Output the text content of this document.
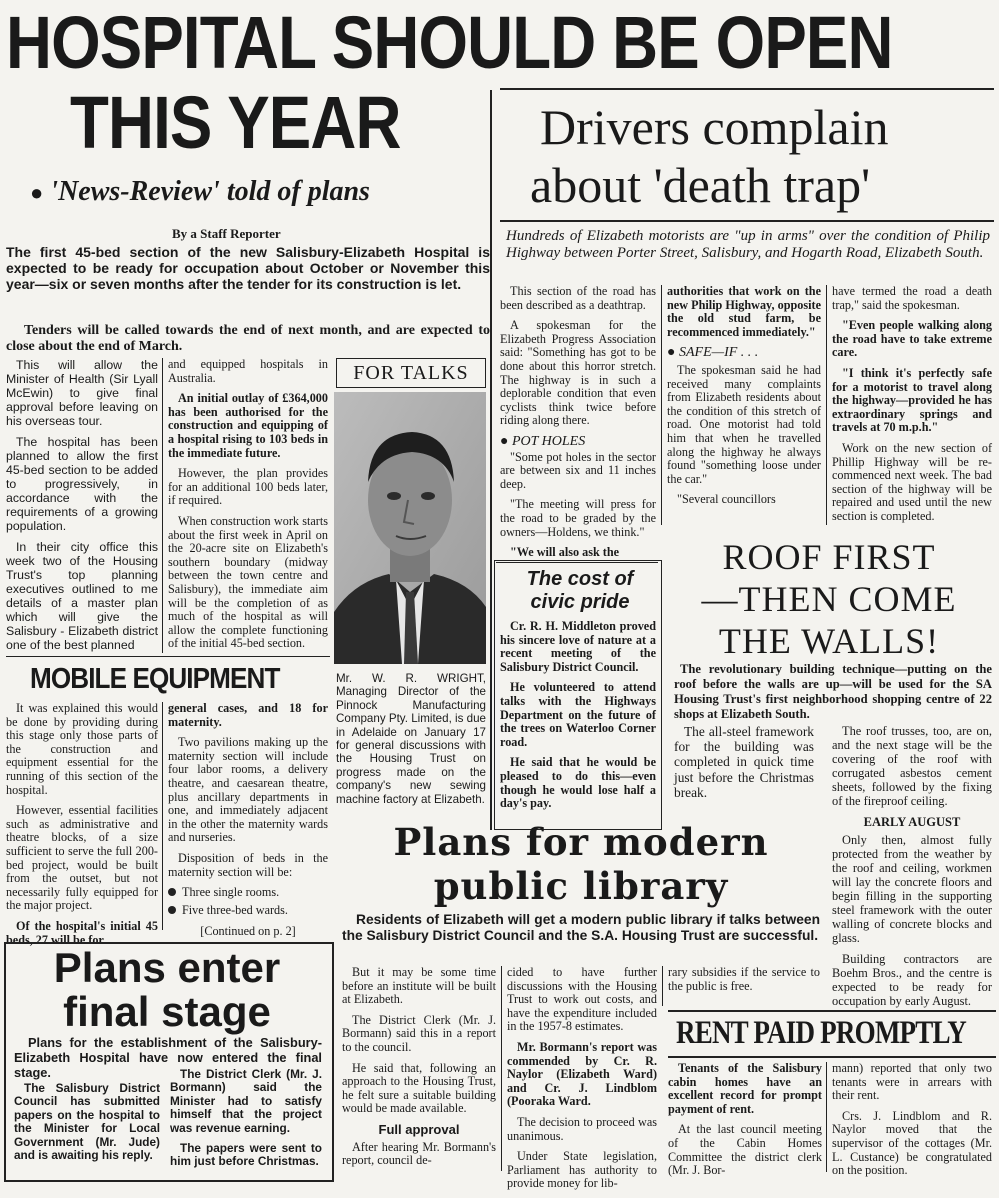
HOSPITAL SHOULD BE OPEN
THIS YEAR
● 'News-Review' told of plans
By a Staff Reporter
The first 45-bed section of the new Salisbury-Elizabeth Hospital is expected to be ready for occupation about October or November this year—six or seven months after the tender for its construction is let.
Tenders will be called towards the end of next month, and are expected to close about the end of March.

This will allow the Minister of Health (Sir Lyall McEwin) to give final approval before leaving on his overseas tour.

The hospital has been planned to allow the first 45-bed section to be added to progressively, in accordance with the requirements of a growing population.

In their city office this week two of the Housing Trust's top planning executives outlined to me details of a master plan which will give the Salisbury - Elizabeth district one of the best planned

and equipped hospitals in Australia.

An initial outlay of £364,000 has been authorised for the construction and equipping of a hospital rising to 103 beds in the immediate future.

However, the plan provides for an additional 100 beds later, if required.

When construction work starts about the first week in April on the 20-acre site on Elizabeth's southern boundary (midway between the town centre and Salisbury), the immediate aim will be the completion of as much of the hospital as will allow the complete functioning of the initial 45-bed section.

MOBILE EQUIPMENT

It was explained this would be done by providing during this stage only those parts of the construction and equipment essential for the running of this section of the hospital.

However, essential facilities such as administrative and theatre blocks, of a size sufficient to serve the full 200-bed project, would be built from the outset, but not necessarily fully equipped for the major project.

Of the hospital's initial 45 beds, 27 will be for

general cases, and 18 for maternity.

Two pavilions making up the maternity section will include four labor rooms, a delivery theatre, and caesarean theatre, plus ancillary departments in one, and immediately adjacent in the other the maternity wards and nurseries.

Disposition of beds in the maternity section will be:

Three single rooms.
Five three-bed wards.
[Continued on p. 2]
FOR TALKS
Mr. W. R. WRIGHT, Managing Director of the Pinnock Manufacturing Company Pty. Limited, is due in Adelaide on January 17 for general discussions with the Housing Trust on progress made on the company's new sewing machine factory at Elizabeth.
Drivers complain
about 'death trap'
Hundreds of Elizabeth motorists are "up in arms" over the condition of Philip Highway between Porter Street, Salisbury, and Hogarth Road, Elizabeth South.

This section of the road has been described as a deathtrap.

A spokesman for the Elizabeth Progress Association said: "Something has got to be done about this horror stretch. The highway is in such a deplorable condition that even cyclists think twice before riding along there.

● POT HOLES

"Some pot holes in the sector are between six and 11 inches deep.

"The meeting will press for the road to be graded by the owners—Holdens, we think."

"We will also ask the

authorities that work on the new Philip Highway, opposite the old stud farm, be recommenced immediately."

● SAFE—IF . . .

The spokesman said he had received many complaints from Elizabeth residents about the condition of this stretch of road. One motorist had told him that when he travelled along the highway he always found "something loose under the car."

"Several councillors

have termed the road a death trap," said the spokesman.

"Even people walking along the road have to take extreme care.

"I think it's perfectly safe for a motorist to travel along the highway—provided he has extraordinary springs and travels at 70 m.p.h."

Work on the new section of Phillip Highway will be re-commenced next week. The bad section of the highway will be repaired and used until the new section is completed.

The cost of civic pride

Cr. R. H. Middleton proved his sincere love of nature at a recent meeting of the Salisbury District Council.

He volunteered to attend talks with the Highways Department on the future of the trees on Waterloo Corner road.

He said that he would be pleased to do this—even though he would lose half a day's pay.

ROOF FIRST
—THEN COME
THE WALLS!
The revolutionary building technique—putting on the roof before the walls are up—will be used for the SA Housing Trust's first neighborhood shopping centre of 22 shops at Elizabeth South.

The all-steel framework for the building was completed in quick time just before the Christmas break.

The roof trusses, too, are on, and the next stage will be the covering of the roof with corrugated asbestos cement sheets, followed by the fixing of the fireproof ceiling.

EARLY AUGUST

Only then, almost fully protected from the weather by the roof and ceiling, workmen will lay the concrete floors and begin filling in the supporting steel framework with the outer walling of concrete blocks and glass.

Building contractors are Boehm Bros., and the centre is expected to be ready for occupation by early August.

Plans for modern
public library
Residents of Elizabeth will get a modern public library if talks between the Salisbury District Council and the S.A. Housing Trust are successful.

But it may be some time before an institute will be built at Elizabeth.

The District Clerk (Mr. J. Bormann) said this in a report to the council.

He said that, following an approach to the Housing Trust, he felt sure a suitable building would be made available.

Full approval

After hearing Mr. Bormann's report, council de-

cided to have further discussions with the Housing Trust to work out costs, and have the expenditure included in the 1957-8 estimates.

Mr. Bormann's report was commended by Cr. R. Naylor (Elizabeth Ward) and Cr. J. Lindblom (Pooraka Ward.

The decision to proceed was unanimous.

Under State legislation, Parliament has authority to provide money for lib-

rary subsidies if the service to the public is free.

Plans enter
final stage
Plans for the establishment of the Salisbury-Elizabeth Hospital have now entered the final stage.

The Salisbury District Council has submitted papers on the hospital to the Minister for Local Government (Mr. Jude) and is awaiting his reply.

The District Clerk (Mr. J. Bormann) said the Minister had to satisfy himself that the project was revenue earning.

The papers were sent to him just before Christmas.

RENT PAID PROMPTLY

Tenants of the Salisbury cabin homes have an excellent record for prompt payment of rent.

At the last council meeting of the Cabin Homes Committee the district clerk (Mr. J. Bor-

mann) reported that only two tenants were in arrears with their rent.

Crs. J. Lindblom and R. Naylor moved that the supervisor of the cottages (Mr. L. Custance) be congratulated on the position.
